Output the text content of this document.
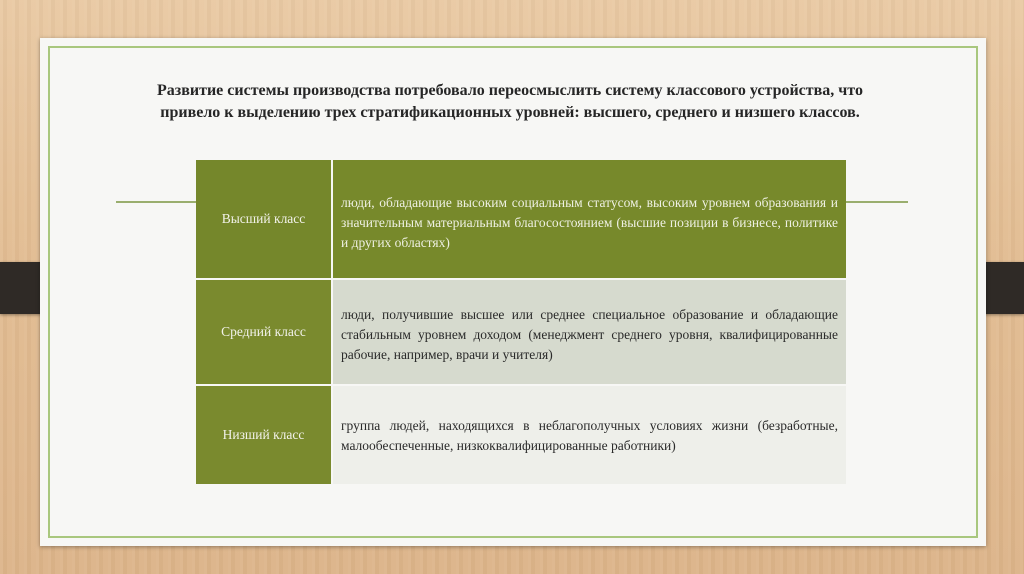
Развитие системы производства потребовало переосмыслить систему классового устройства, что
привело к выделению трех стратификационных уровней: высшего, среднего и низшего классов.
Высший класс
люди, обладающие высоким социальным статусом, высоким уровнем образования и значительным материальным благосостоянием (высшие позиции в бизнесе, политике и других областях)
Средний класс
люди, получившие высшее или среднее специальное образование и обладающие стабильным уровнем доходом (менеджмент среднего уровня, квалифицированные рабочие, например, врачи и учителя)
Низший класс
группа людей, находящихся в неблагополучных условиях жизни (безработные, малообеспеченные, низкоквалифицированные работники)
